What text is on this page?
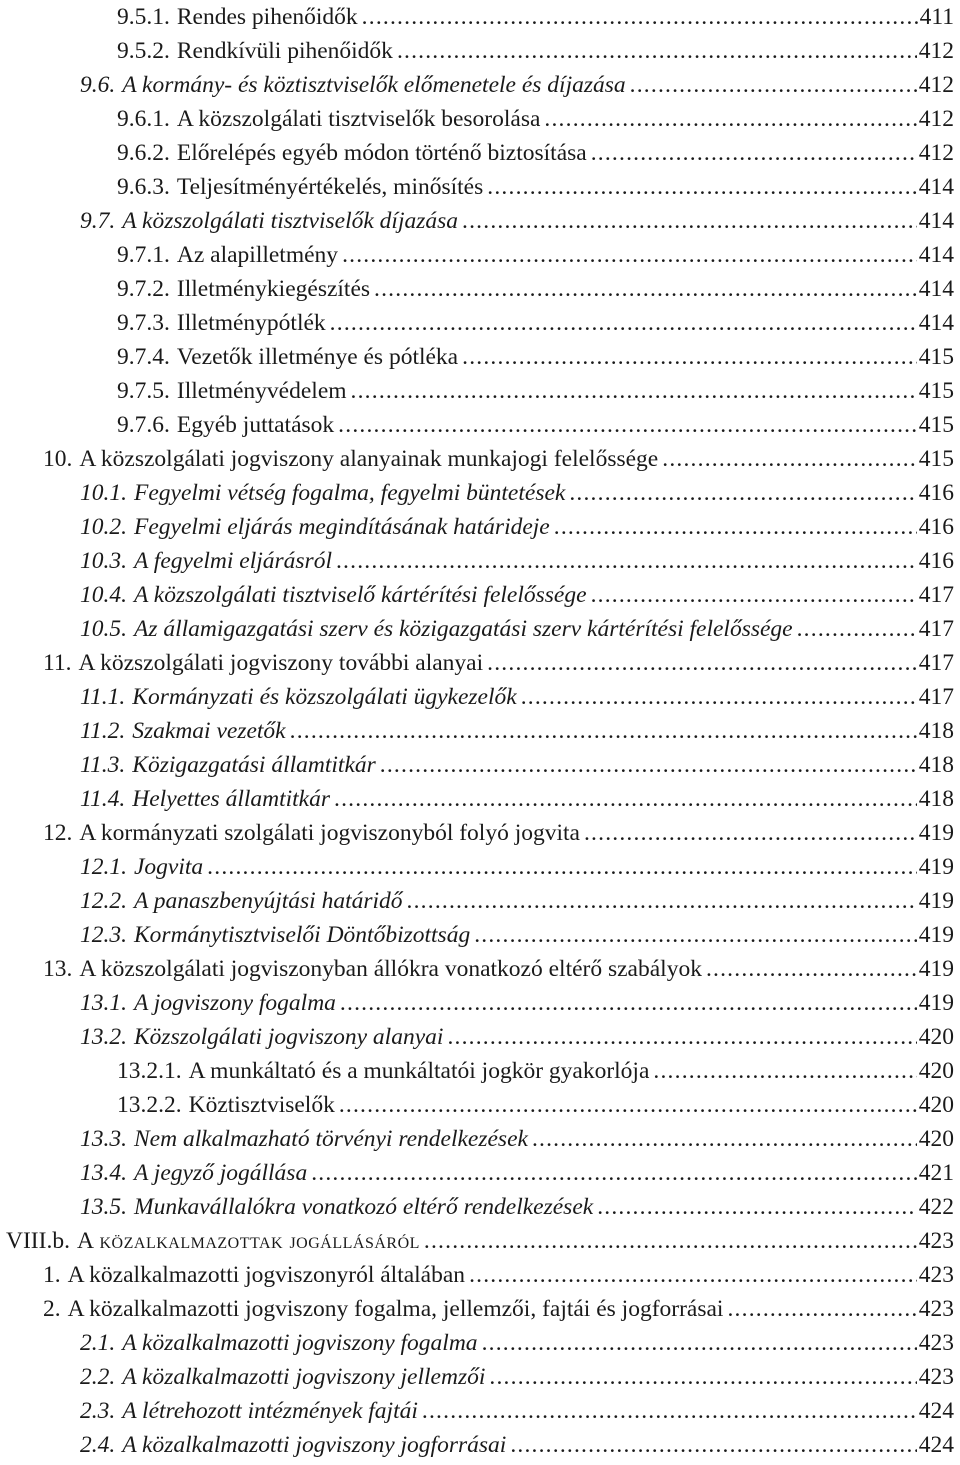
9.5.1. Rendes pihenőidők .....	411
9.5.2. Rendkívüli pihenőidők .....	412
9.6. A kormány- és köztisztviselők előmenetele és díjazása .....	412
9.6.1. A közszolgálati tisztviselők besorolása .....	412
9.6.2. Előrelépés egyéb módon történő biztosítása .....	412
9.6.3. Teljesítményértékelés, minősítés .....	414
9.7. A közszolgálati tisztviselők díjazása .....	414
9.7.1. Az alapilletmény .....	414
9.7.2. Illetménykiegészítés .....	414
9.7.3. Illetménypótlék .....	414
9.7.4. Vezetők illetménye és pótléka .....	415
9.7.5. Illetményvédelem .....	415
9.7.6. Egyéb juttatások .....	415
10. A közszolgálati jogviszony alanyainak munkajogi felelőssége .....	415
10.1. Fegyelmi vétség fogalma, fegyelmi büntetések .....	416
10.2. Fegyelmi eljárás megindításának határideje .....	416
10.3. A fegyelmi eljárásról .....	416
10.4. A közszolgálati tisztviselő kártérítési felelőssége .....	417
10.5. Az államigazgatási szerv és közigazgatási szerv kártérítési felelőssége .....	417
11. A közszolgálati jogviszony további alanyai .....	417
11.1. Kormányzati és közszolgálati ügykezelők .....	417
11.2. Szakmai vezetők .....	418
11.3. Közigazgatási államtitkár .....	418
11.4. Helyettes államtitkár .....	418
12. A kormányzati szolgálati jogviszonyból folyó jogvita .....	419
12.1. Jogvita .....	419
12.2. A panaszbenyújtási határidő .....	419
12.3. Kormánytisztviselői Döntőbizottság .....	419
13. A közszolgálati jogviszonyban állókra vonatkozó eltérő szabályok .....	419
13.1. A jogviszony fogalma .....	419
13.2. Közszolgálati jogviszony alanyai .....	420
13.2.1. A munkáltató és a munkáltatói jogkör gyakorlója .....	420
13.2.2. Köztisztviselők .....	420
13.3. Nem alkalmazható törvényi rendelkezések .....	420
13.4. A jegyző jogállása .....	421
13.5. Munkavállalókra vonatkozó eltérő rendelkezések .....	422
VIII.b. A közalkalmazottak jogállásáról .....	423
1. A közalkalmazotti jogviszonyról általában .....	423
2. A közalkalmazotti jogviszony fogalma, jellemzői, fajtái és jogforrásai .....	423
2.1. A közalkalmazotti jogviszony fogalma .....	423
2.2. A közalkalmazotti jogviszony jellemzői .....	423
2.3. A létrehozott intézmények fajtái .....	424
2.4. A közalkalmazotti jogviszony jogforrásai .....	424
